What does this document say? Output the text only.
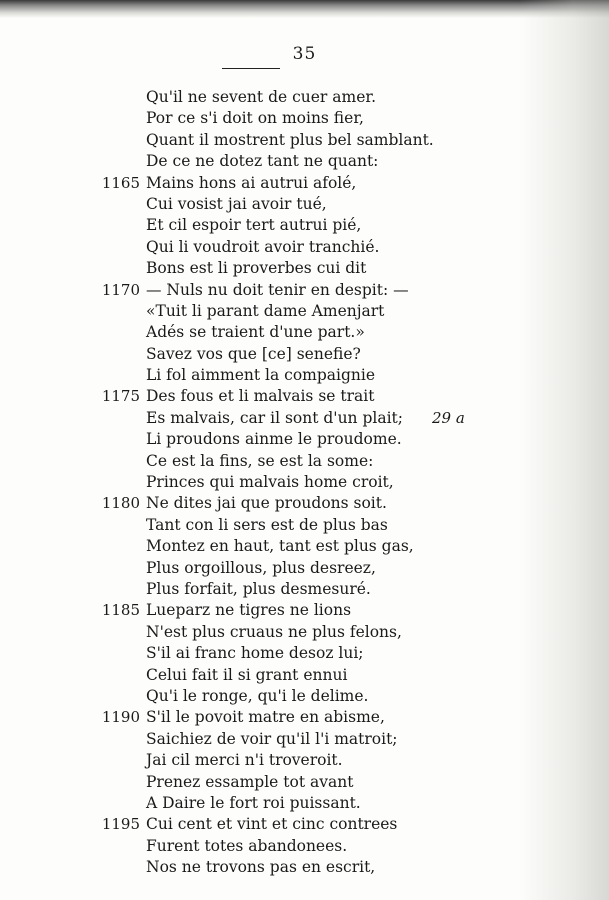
35
Qu'il ne sevent de cuer amer.
Por ce s'i doit on moins fier,
Quant il mostrent plus bel samblant.
De ce ne dotez tant ne quant:
1165 Mains hons ai autrui afolé,
Cui vosist jai avoir tué,
Et cil espoir tert autrui pié,
Qui li voudroit avoir tranchié.
Bons est li proverbes cui dit
1170 — Nuls nu doit tenir en despit: —
«Tuit li parant dame Amenjart
Adés se traient d'une part.»
Savez vos que [ce] senefie?
Li fol aimment la compaignie
1175 Des fous et li malvais se trait
Es malvais, car il sont d'un plait; 29 a
Li proudons ainme le proudome.
Ce est la fins, se est la some:
Princes qui malvais home croit,
1180 Ne dites jai que proudons soit.
Tant con li sers est de plus bas
Montez en haut, tant est plus gas,
Plus orgoillous, plus desreez,
Plus forfait, plus desmesuré.
1185 Lueparz ne tigres ne lions
N'est plus cruaus ne plus felons,
S'il ai franc home desoz lui;
Celui fait il si grant ennui
Qu'i le ronge, qu'i le delime.
1190 S'il le povoit matre en abisme,
Saichiez de voir qu'il l'i matroit;
Jai cil merci n'i troveroit.
Prenez essample tot avant
A Daire le fort roi puissant.
1195 Cui cent et vint et cinc contrees
Furent totes abandonees.
Nos ne trovons pas en escrit,
